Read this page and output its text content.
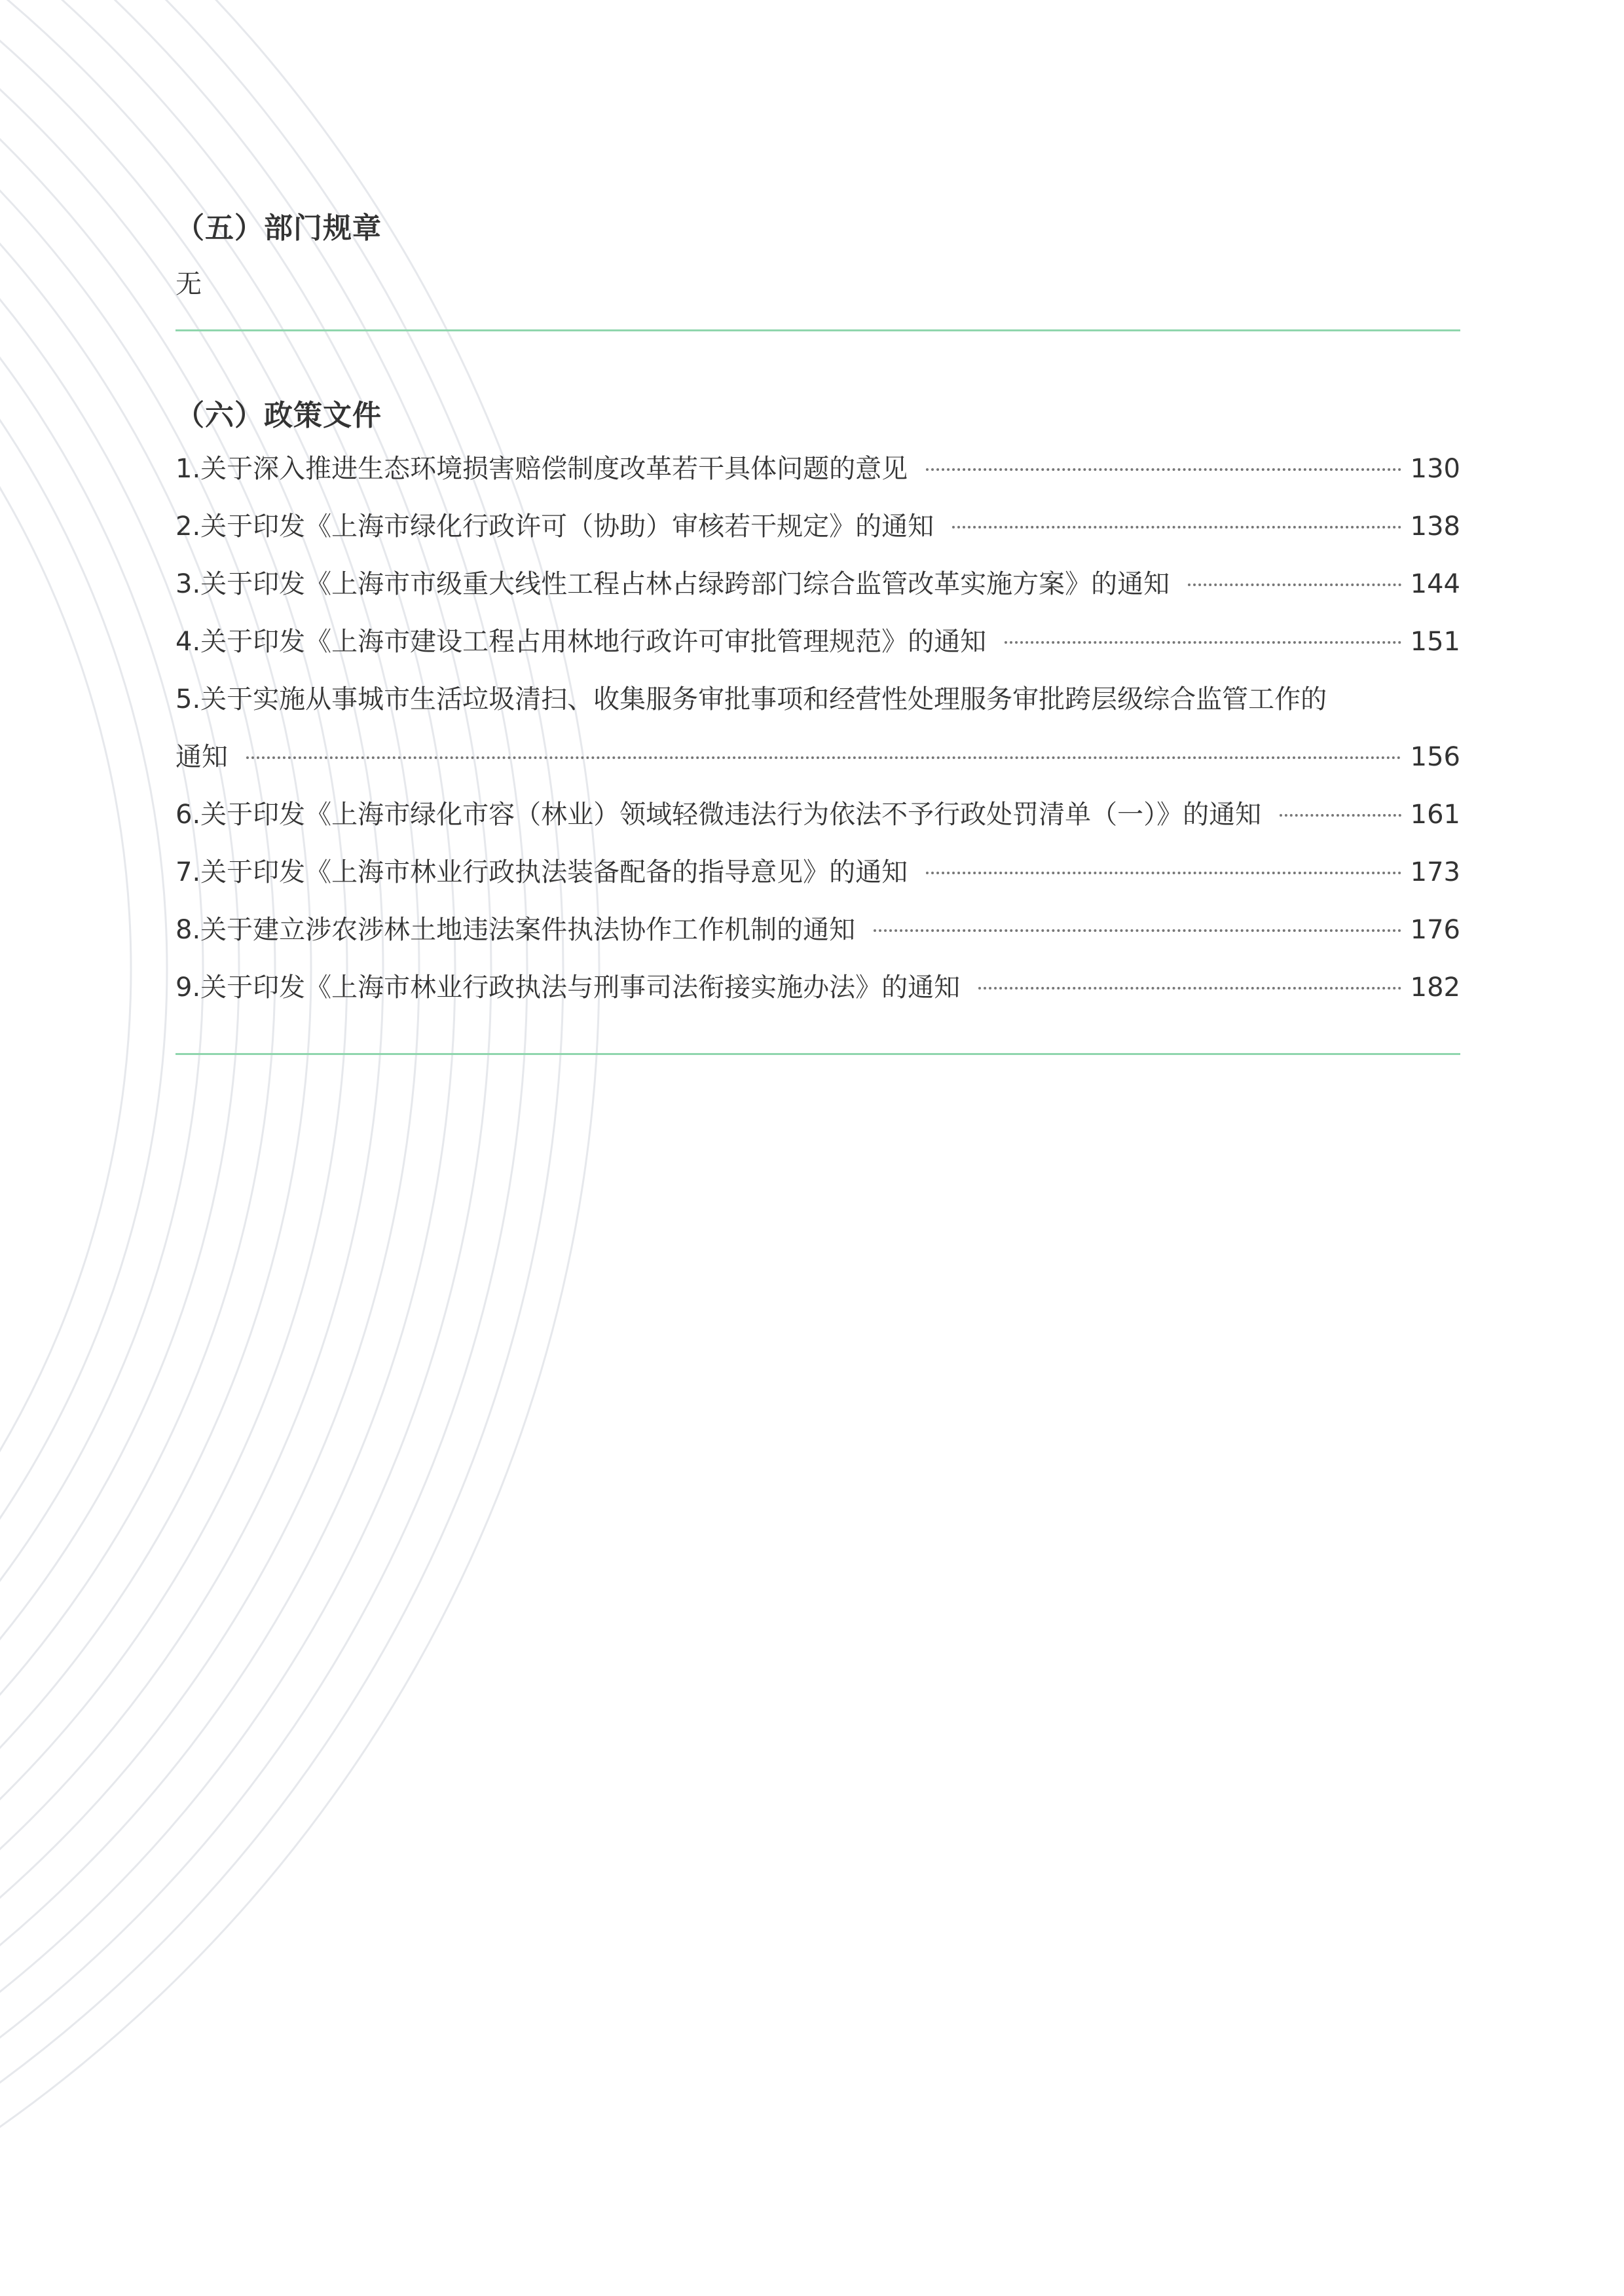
（五）部门规章
无
（六）政策文件
1.关于深入推进生态环境损害赔偿制度改革若干具体问题的意见	130
2.关于印发《上海市绿化行政许可（协助）审核若干规定》的通知	138
3.关于印发《上海市市级重大线性工程占林占绿跨部门综合监管改革实施方案》的通知	144
4.关于印发《上海市建设工程占用林地行政许可审批管理规范》的通知	151
5.关于实施从事城市生活垃圾清扫、收集服务审批事项和经营性处理服务审批跨层级综合监管工作的
通知	156
6.关于印发《上海市绿化市容（林业）领域轻微违法行为依法不予行政处罚清单（一）》的通知	161
7.关于印发《上海市林业行政执法装备配备的指导意见》的通知	173
8.关于建立涉农涉林土地违法案件执法协作工作机制的通知	176
9.关于印发《上海市林业行政执法与刑事司法衔接实施办法》的通知	182
